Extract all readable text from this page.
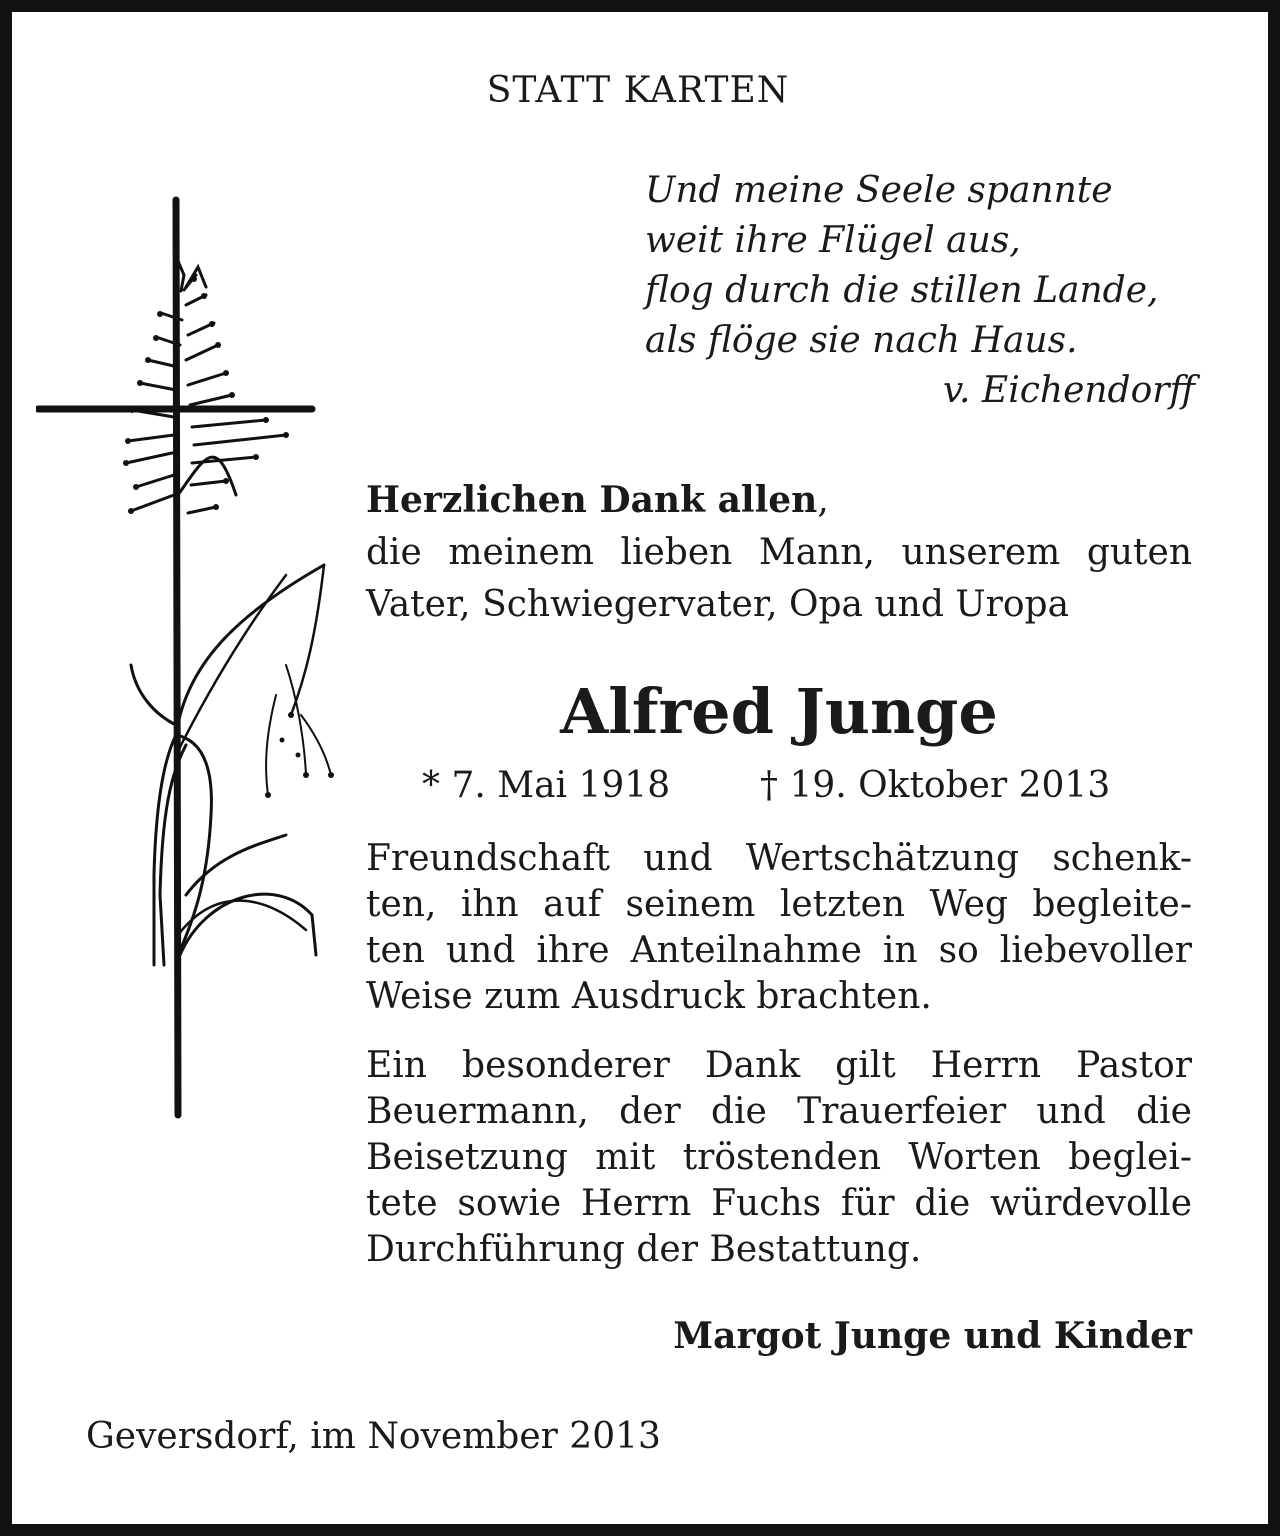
STATT KARTEN
Und meine Seele spannte
weit ihre Flügel aus,
flog durch die stillen Lande,
als flöge sie nach Haus.
v. Eichendorff
Herzlichen Dank allen,
die meinem lieben Mann, unserem guten
Vater, Schwiegervater, Opa und Uropa
Alfred Junge
* 7. Mai 1918 † 19. Oktober 2013
Freundschaft und Wertschätzung schenk-
ten, ihn auf seinem letzten Weg begleite-
ten und ihre Anteilnahme in so liebevoller
Weise zum Ausdruck brachten.
Ein besonderer Dank gilt Herrn Pastor
Beuermann, der die Trauerfeier und die
Beisetzung mit tröstenden Worten beglei-
tete sowie Herrn Fuchs für die würdevolle
Durchführung der Bestattung.
Margot Junge und Kinder
Geversdorf, im November 2013
